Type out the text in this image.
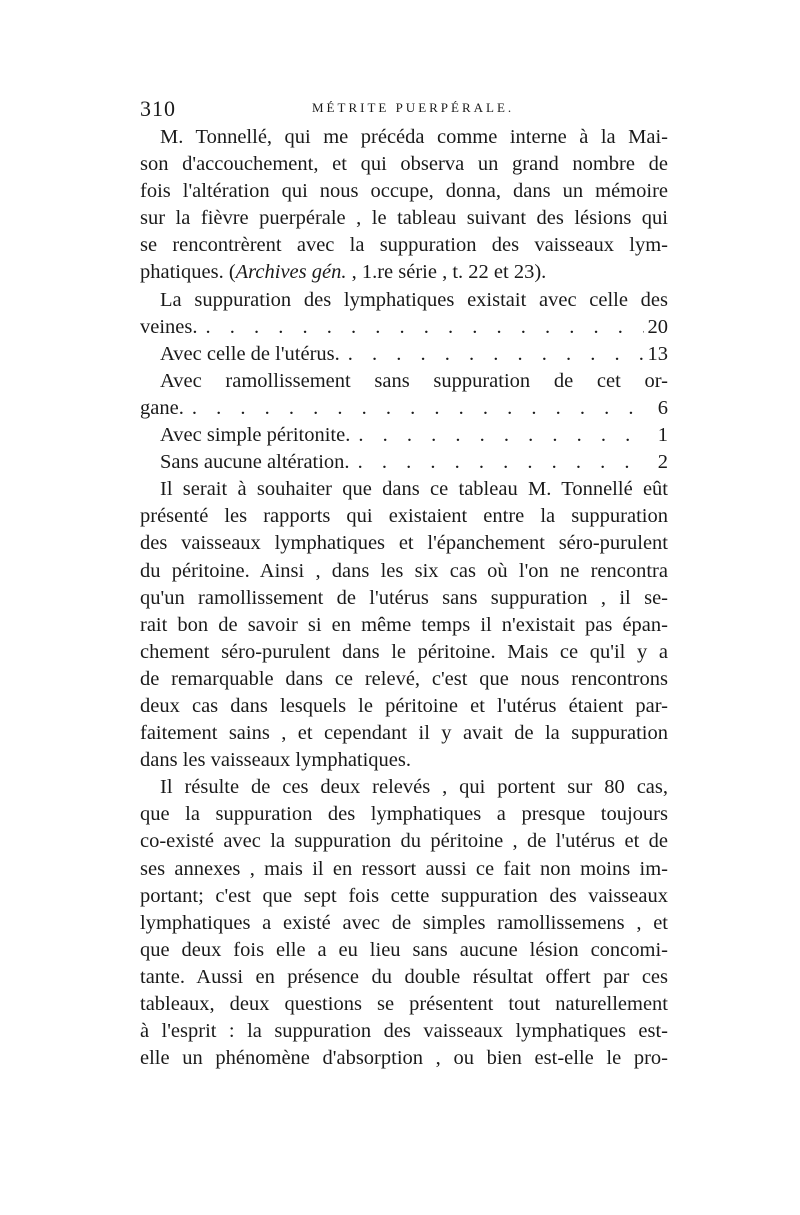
310	MÉTRITE PUERPÉRALE.
M. Tonnellé, qui me précéda comme interne à la Mai-
son d'accouchement, et qui observa un grand nombre de
fois l'altération qui nous occupe, donna, dans un mémoire
sur la fièvre puerpérale , le tableau suivant des lésions qui
se rencontrèrent avec la suppuration des vaisseaux lym-
phatiques. (Archives gén. , 1.re série , t. 22 et 23).
La suppuration des lymphatiques existait avec celle des
veines. . . .	20
Avec celle de l'utérus. . . .	13
Avec ramollissement sans suppuration de cet or-
gane. . . .	6
Avec simple péritonite. . . .	1
Sans aucune altération. . . .	2
Il serait à souhaiter que dans ce tableau M. Tonnellé eût
présenté les rapports qui existaient entre la suppuration
des vaisseaux lymphatiques et l'épanchement séro-purulent
du péritoine. Ainsi , dans les six cas où l'on ne rencontra
qu'un ramollissement de l'utérus sans suppuration , il se-
rait bon de savoir si en même temps il n'existait pas épan-
chement séro-purulent dans le péritoine. Mais ce qu'il y a
de remarquable dans ce relevé, c'est que nous rencontrons
deux cas dans lesquels le péritoine et l'utérus étaient par-
faitement sains , et cependant il y avait de la suppuration
dans les vaisseaux lymphatiques.
Il résulte de ces deux relevés , qui portent sur 80 cas,
que la suppuration des lymphatiques a presque toujours
co-existé avec la suppuration du péritoine , de l'utérus et de
ses annexes , mais il en ressort aussi ce fait non moins im-
portant; c'est que sept fois cette suppuration des vaisseaux
lymphatiques a existé avec de simples ramollissemens , et
que deux fois elle a eu lieu sans aucune lésion concomi-
tante. Aussi en présence du double résultat offert par ces
tableaux, deux questions se présentent tout naturellement
à l'esprit : la suppuration des vaisseaux lymphatiques est-
elle un phénomène d'absorption , ou bien est-elle le pro-
